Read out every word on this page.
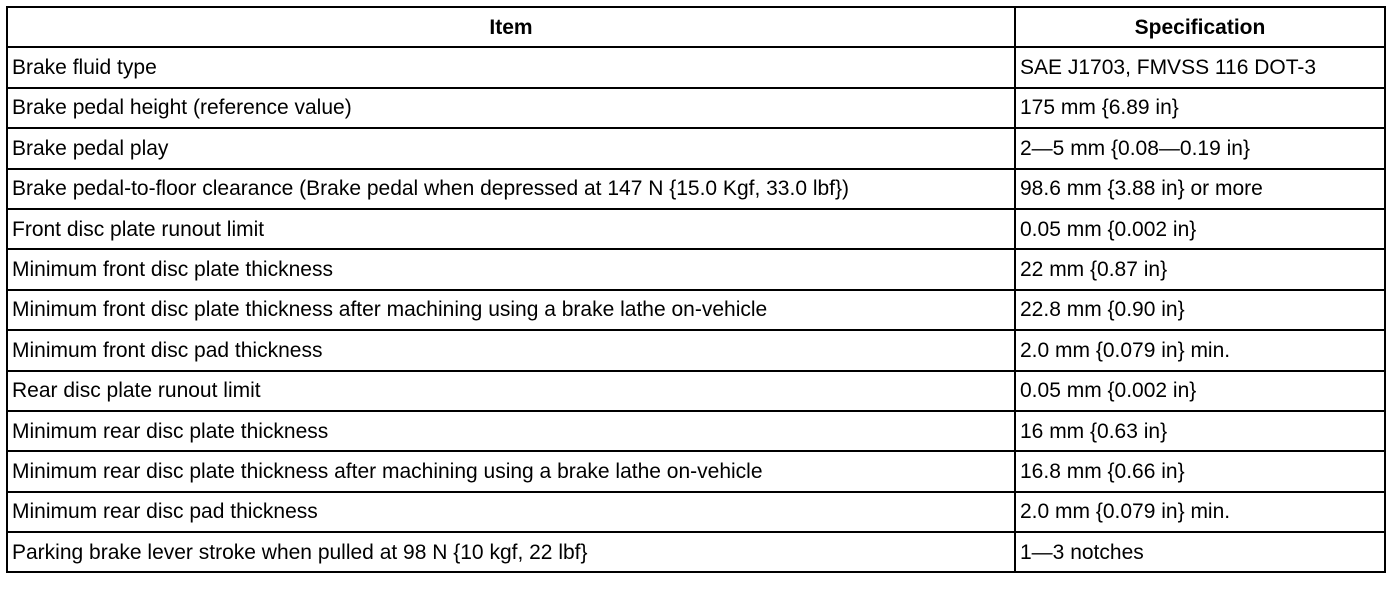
Item	Specification
Brake fluid type	SAE J1703, FMVSS 116 DOT-3
Brake pedal height (reference value)	175 mm {6.89 in}
Brake pedal play	2—5 mm {0.08—0.19 in}
Brake pedal-to-floor clearance (Brake pedal when depressed at 147 N {15.0 Kgf, 33.0 lbf})	98.6 mm {3.88 in} or more
Front disc plate runout limit	0.05 mm {0.002 in}
Minimum front disc plate thickness	22 mm {0.87 in}
Minimum front disc plate thickness after machining using a brake lathe on-vehicle	22.8 mm {0.90 in}
Minimum front disc pad thickness	2.0 mm {0.079 in} min.
Rear disc plate runout limit	0.05 mm {0.002 in}
Minimum rear disc plate thickness	16 mm {0.63 in}
Minimum rear disc plate thickness after machining using a brake lathe on-vehicle	16.8 mm {0.66 in}
Minimum rear disc pad thickness	2.0 mm {0.079 in} min.
Parking brake lever stroke when pulled at 98 N {10 kgf, 22 lbf}	1—3 notches
